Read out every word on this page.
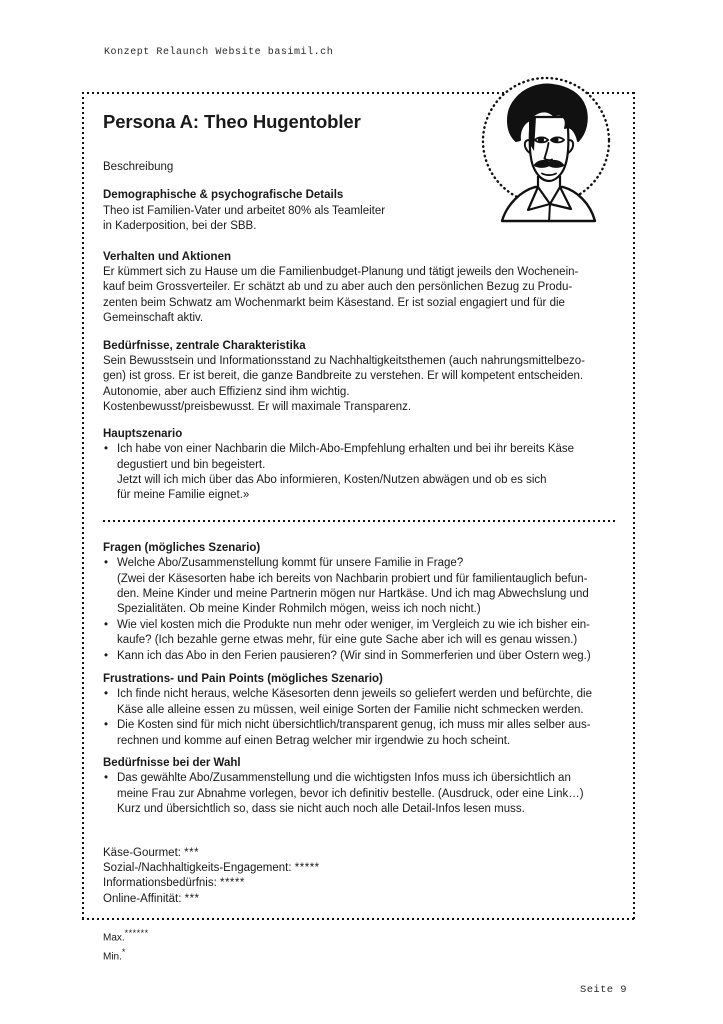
Konzept Relaunch Website basimil.ch
Persona A: Theo Hugentobler
Beschreibung
Demographische & psychografische Details
Theo ist Familien-Vater und arbeitet 80% als Teamleiter
in Kaderposition, bei der SBB.
Verhalten und Aktionen
Er kümmert sich zu Hause um die Familienbudget-Planung und tätigt jeweils den Wochenein-
kauf beim Grossverteiler. Er schätzt ab und zu aber auch den persönlichen Bezug zu Produ-
zenten beim Schwatz am Wochenmarkt beim Käsestand. Er ist sozial engagiert und für die
Gemeinschaft aktiv.
Bedürfnisse, zentrale Charakteristika
Sein Bewusstsein und Informationsstand zu Nachhaltigkeitsthemen (auch nahrungsmittelbezo-
gen) ist gross. Er ist bereit, die ganze Bandbreite zu verstehen. Er will kompetent entscheiden.
Autonomie, aber auch Effizienz sind ihm wichtig.
Kostenbewusst/preisbewusst. Er will maximale Transparenz.
Hauptszenario
• Ich habe von einer Nachbarin die Milch-Abo-Empfehlung erhalten und bei ihr bereits Käse
degustiert und bin begeistert.
Jetzt will ich mich über das Abo informieren, Kosten/Nutzen abwägen und ob es sich
für meine Familie eignet.»
Fragen (mögliches Szenario)
• Welche Abo/Zusammenstellung kommt für unsere Familie in Frage?
(Zwei der Käsesorten habe ich bereits von Nachbarin probiert und für familientauglich befun-
den. Meine Kinder und meine Partnerin mögen nur Hartkäse. Und ich mag Abwechslung und
Spezialitäten. Ob meine Kinder Rohmilch mögen, weiss ich noch nicht.)
• Wie viel kosten mich die Produkte nun mehr oder weniger, im Vergleich zu wie ich bisher ein-
kaufe? (Ich bezahle gerne etwas mehr, für eine gute Sache aber ich will es genau wissen.)
• Kann ich das Abo in den Ferien pausieren? (Wir sind in Sommerferien und über Ostern weg.)
Frustrations- und Pain Points (mögliches Szenario)
• Ich finde nicht heraus, welche Käsesorten denn jeweils so geliefert werden und befürchte, die
Käse alle alleine essen zu müssen, weil einige Sorten der Familie nicht schmecken werden.
• Die Kosten sind für mich nicht übersichtlich/transparent genug, ich muss mir alles selber aus-
rechnen und komme auf einen Betrag welcher mir irgendwie zu hoch scheint.
Bedürfnisse bei der Wahl
• Das gewählte Abo/Zusammenstellung und die wichtigsten Infos muss ich übersichtlich an
meine Frau zur Abnahme vorlegen, bevor ich definitiv bestelle. (Ausdruck, oder eine Link…)
Kurz und übersichtlich so, dass sie nicht auch noch alle Detail-Infos lesen muss.
Käse-Gourmet: ***
Sozial-/Nachhaltigkeits-Engagement: *****
Informationsbedürfnis: *****
Online-Affinität: ***
Max.******
Min.*
Seite 9
